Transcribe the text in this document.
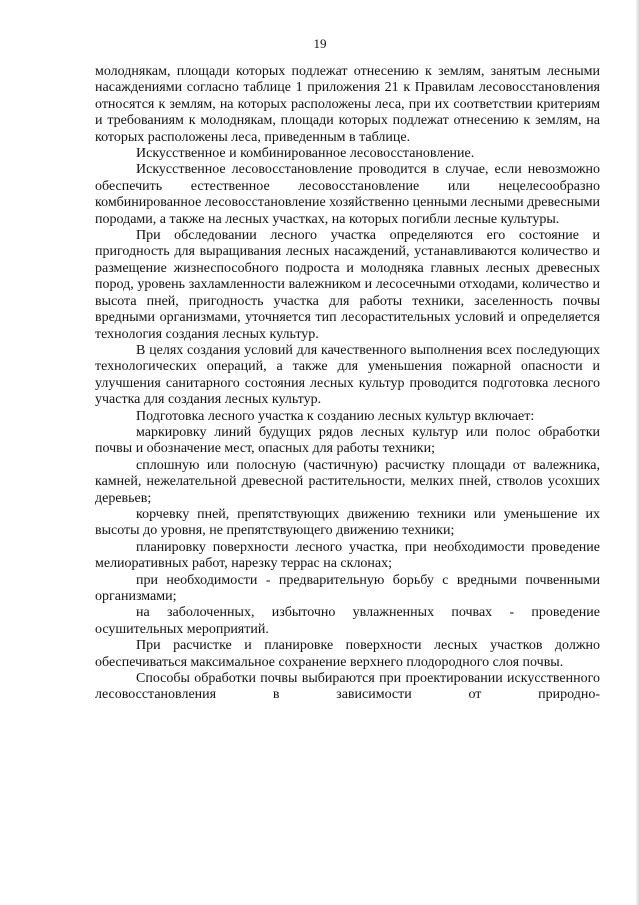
19

молоднякам, площади которых подлежат отнесению к землям, занятым лесными насаждениями согласно таблице 1 приложения 21 к Правилам лесовосстановления относятся к землям, на которых расположены леса, при их соответствии критериям и требованиям к молоднякам, площади которых подлежат отнесению к землям, на которых расположены леса, приведенным в таблице.

Искусственное и комбинированное лесовосстановление.

Искусственное лесовосстановление проводится в случае, если невозможно обеспечить естественное лесовосстановление или нецелесообразно комбинированное лесовосстановление хозяйственно ценными лесными древесными породами, а также на лесных участках, на которых погибли лесные культуры.

При обследовании лесного участка определяются его состояние и пригодность для выращивания лесных насаждений, устанавливаются количество и размещение жизнеспособного подроста и молодняка главных лесных древесных пород, уровень захламленности валежником и лесосечными отходами, количество и высота пней, пригодность участка для работы техники, заселенность почвы вредными организмами, уточняется тип лесорастительных условий и определяется технология создания лесных культур.

В целях создания условий для качественного выполнения всех последующих технологических операций, а также для уменьшения пожарной опасности и улучшения санитарного состояния лесных культур проводится подготовка лесного участка для создания лесных культур.

Подготовка лесного участка к созданию лесных культур включает:

маркировку линий будущих рядов лесных культур или полос обработки почвы и обозначение мест, опасных для работы техники;

сплошную или полосную (частичную) расчистку площади от валежника, камней, нежелательной древесной растительности, мелких пней, стволов усохших деревьев;

корчевку пней, препятствующих движению техники или уменьшение их высоты до уровня, не препятствующего движению техники;

планировку поверхности лесного участка, при необходимости проведение мелиоративных работ, нарезку террас на склонах;

при необходимости - предварительную борьбу с вредными почвенными организмами;

на заболоченных, избыточно увлажненных почвах - проведение осушительных мероприятий.

При расчистке и планировке поверхности лесных участков должно обеспечиваться максимальное сохранение верхнего плодородного слоя почвы.

Способы обработки почвы выбираются при проектировании искусственного лесовосстановления в зависимости от природно-
